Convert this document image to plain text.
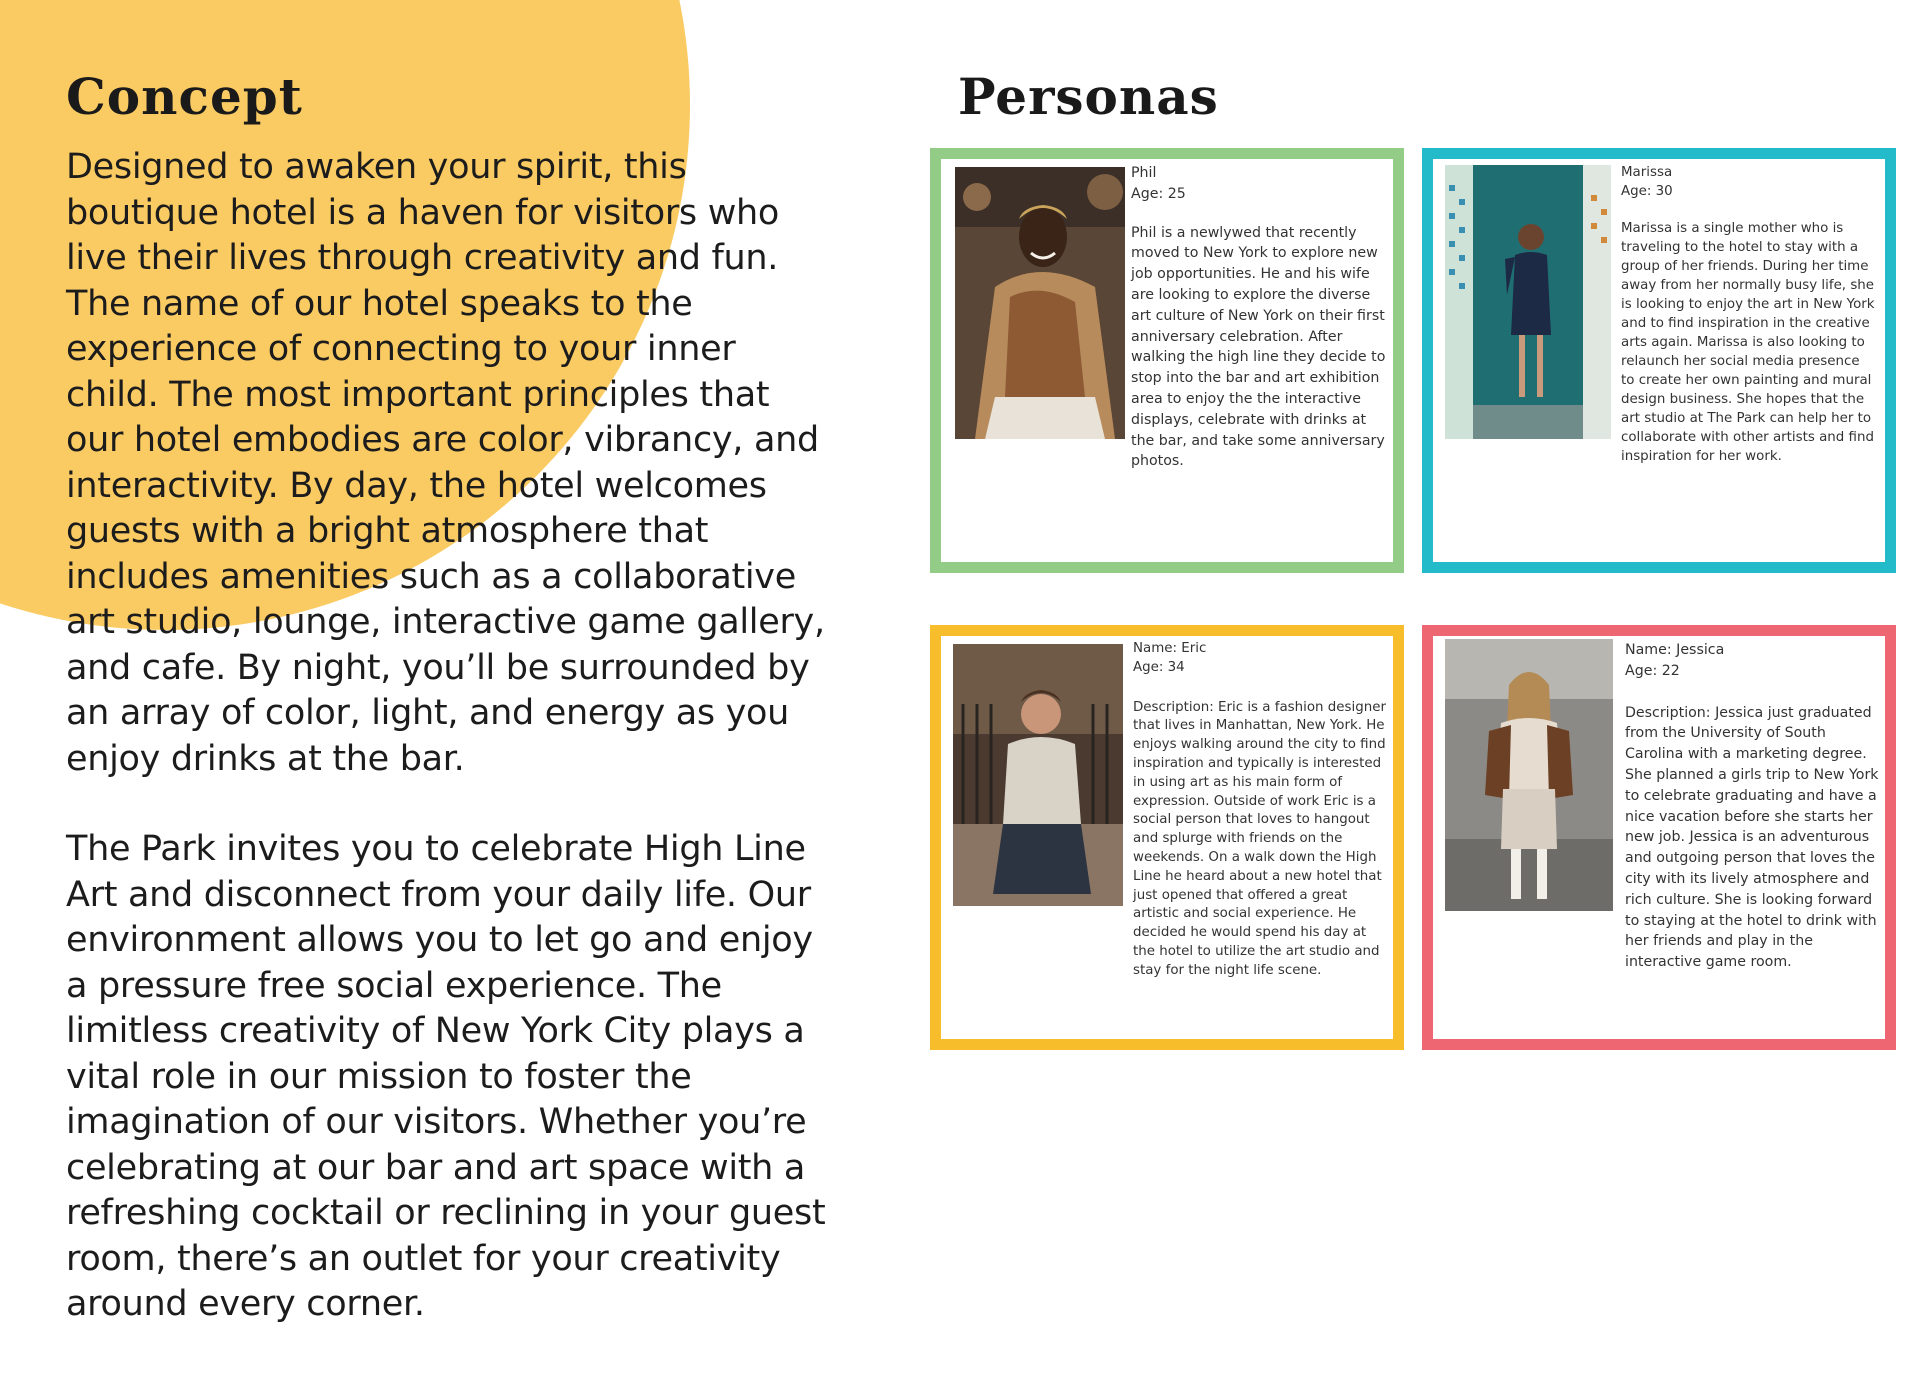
Concept

Designed to awaken your spirit, this boutique hotel is a haven for visitors who live their lives through creativity and fun. The name of our hotel speaks to the experience of connecting to your inner child. The most important principles that our hotel embodies are color, vibrancy, and interactivity. By day, the hotel welcomes guests with a bright atmosphere that includes amenities such as a collaborative art studio, lounge, interactive game gallery, and cafe. By night, you’ll be surrounded by an array of color, light, and energy as you enjoy drinks at the bar.

The Park invites you to celebrate High Line Art and disconnect from your daily life. Our environment allows you to let go and enjoy a pressure free social experience. The limitless creativity of New York City plays a vital role in our mission to foster the imagination of our visitors. Whether you’re celebrating at our bar and art space with a refreshing cocktail or reclining in your guest room, there’s an outlet for your creativity around every corner.

Personas
Phil
Age: 25
Phil is a newlywed that recently moved to New York to explore new job opportunities. He and his wife are looking to explore the diverse art culture of New York on their first anniversary celebration. After walking the high line they decide to stop into the bar and art exhibition area to enjoy the the interactive displays, celebrate with drinks at the bar, and take some anniversary photos.
Marissa
Age: 30
Marissa is a single mother who is traveling to the hotel to stay with a group of her friends. During her time away from her normally busy life, she is looking to enjoy the art in New York and to find inspiration in the creative arts again. Marissa is also looking to relaunch her social media presence to create her own painting and mural design business. She hopes that the art studio at The Park can help her to collaborate with other artists and find inspiration for her work.
Name: Eric
Age: 34
Description: Eric is a fashion designer that lives in Manhattan, New York. He enjoys walking around the city to find inspiration and typically is interested in using art as his main form of expression. Outside of work Eric is a social person that loves to hangout and splurge with friends on the weekends. On a walk down the High Line he heard about a new hotel that just opened that offered a great artistic and social experience. He decided he would spend his day at the hotel to utilize the art studio and stay for the night life scene.
Name: Jessica
Age: 22
Description: Jessica just graduated from the University of South Carolina with a marketing degree. She planned a girls trip to New York to celebrate graduating and have a nice vacation before she starts her new job. Jessica is an adventurous and outgoing person that loves the city with its lively atmosphere and rich culture. She is looking forward to staying at the hotel to drink with her friends and play in the interactive game room.
